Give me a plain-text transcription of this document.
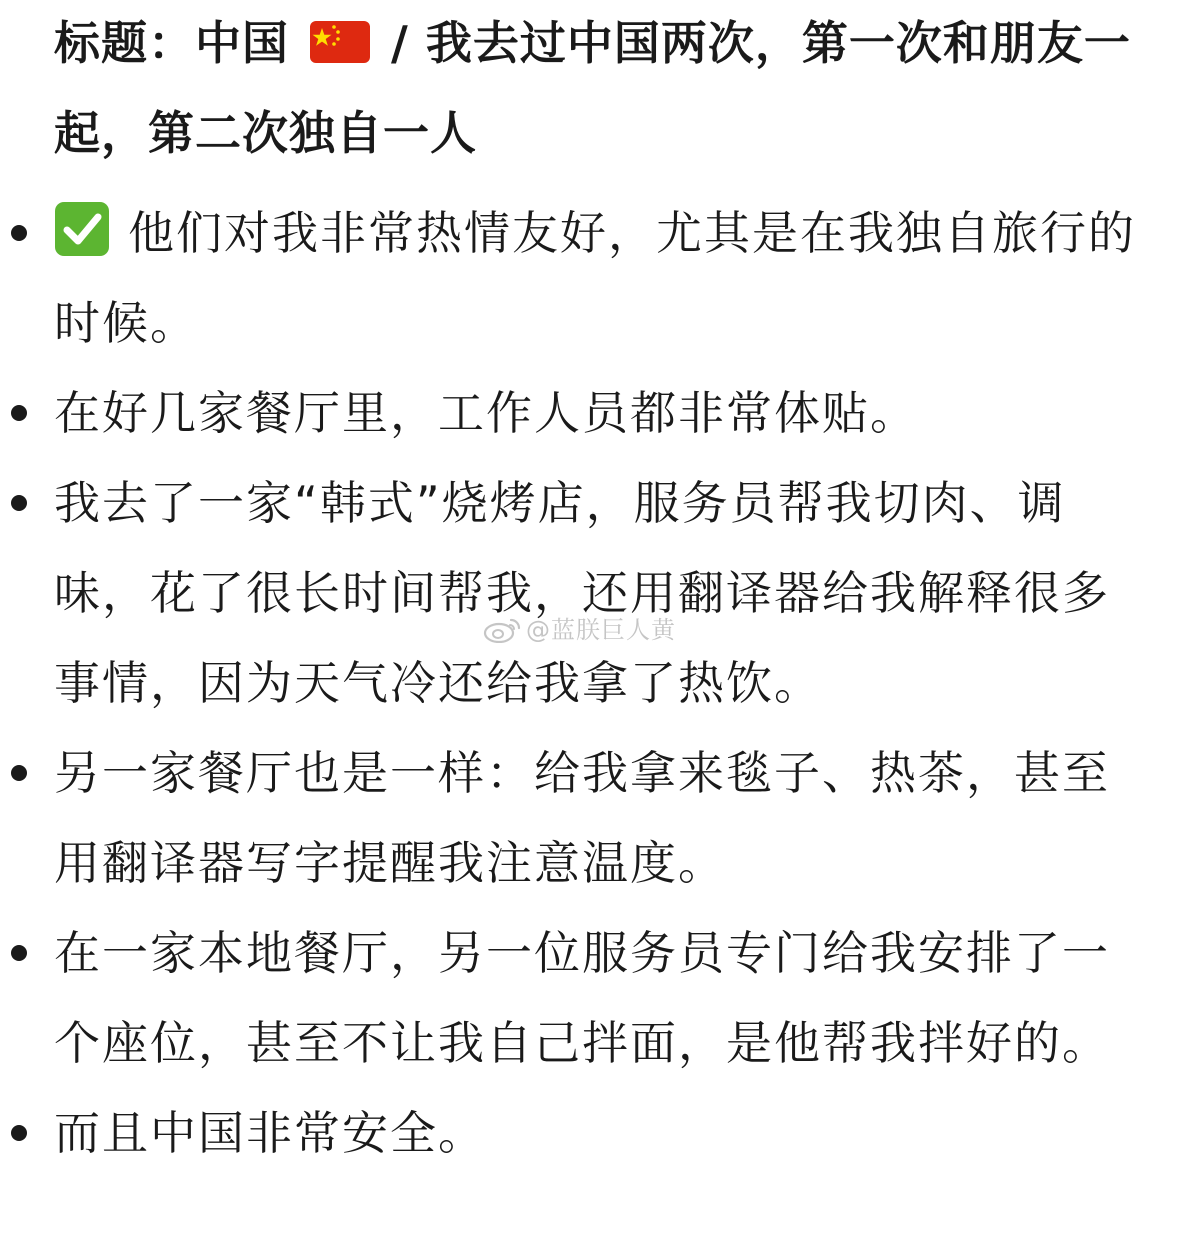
标题：中国 / 我去过中国两次，第一次和朋友一起，第二次独自一人
他们对我非常热情友好，尤其是在我独自旅行的时候。
在好几家餐厅里，工作人员都非常体贴。
我去了一家“韩式”烧烤店，服务员帮我切肉、调味，花了很长时间帮我，还用翻译器给我解释很多事情，因为天气冷还给我拿了热饮。
另一家餐厅也是一样：给我拿来毯子、热茶，甚至用翻译器写字提醒我注意温度。
在一家本地餐厅，另一位服务员专门给我安排了一个座位，甚至不让我自己拌面，是他帮我拌好的。
而且中国非常安全。
@蓝朕巨人黄
